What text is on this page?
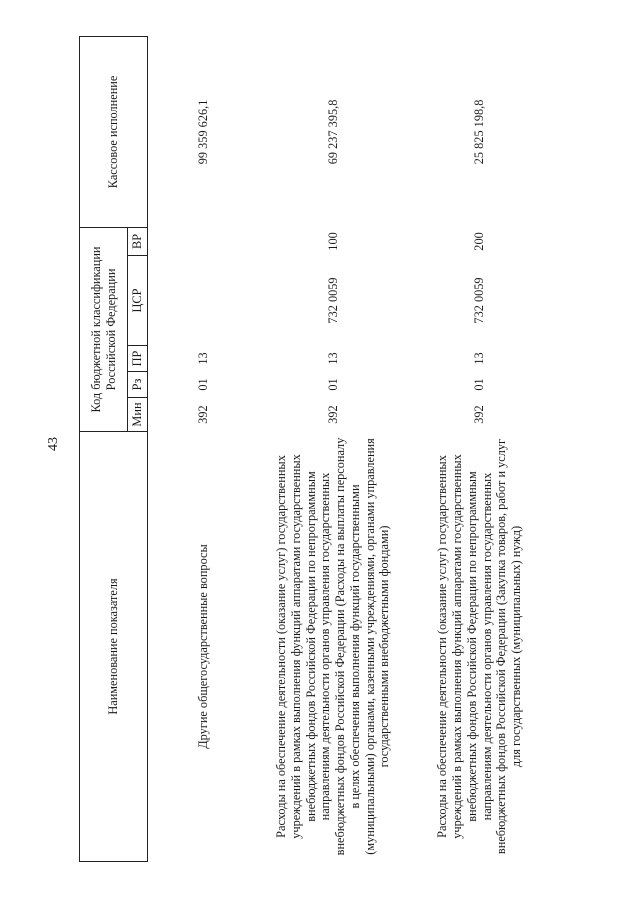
43
Наименование показателя	Код бюджетной классификации Российской Федерации					Кассовое исполнение
	Мин	Рз	ПР	ЦСР	ВР	
Другие общегосударственные вопросы	392	01	13			99 359 626,1
Расходы на обеспечение деятельности (оказание услуг) государственных учреждений в рамках выполнения функций аппаратами государственных внебюджетных фондов Российской Федерации по непрограммным направлениям деятельности органов управления государственных внебюджетных фондов Российской Федерации (Расходы на выплаты персоналу в целях обеспечения выполнения функций государственными (муниципальными) органами, казенными учреждениями, органами управления государственными внебюджетными фондами)	392	01	13	732 0059	100	69 237 395,8
Расходы на обеспечение деятельности (оказание услуг) государственных учреждений в рамках выполнения функций аппаратами государственных внебюджетных фондов Российской Федерации по непрограммным направлениям деятельности органов управления государственных внебюджетных фондов Российской Федерации (Закупка товаров, работ и услуг для государственных (муниципальных) нужд)	392	01	13	732 0059	200	25 825 198,8
